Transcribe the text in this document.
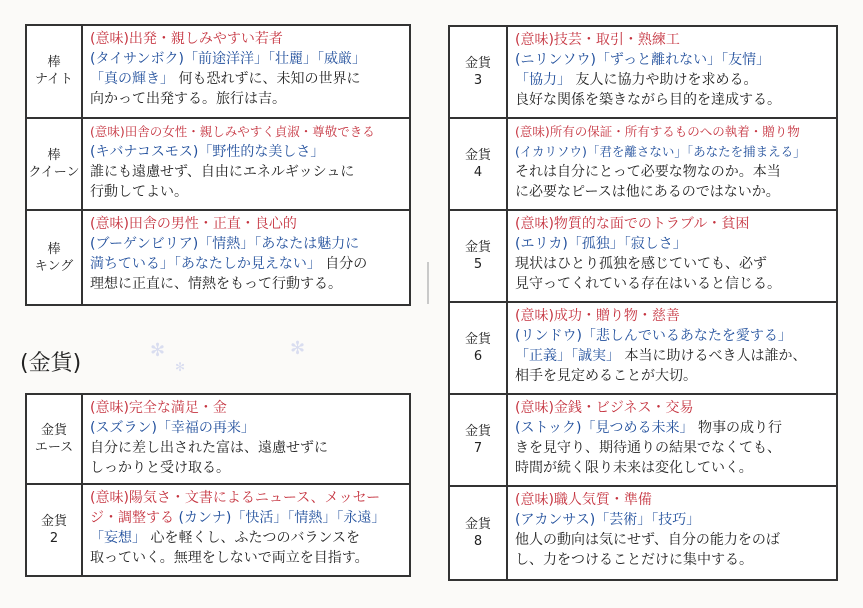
✻	✻
✻
棒
ナイト
(意味)出発・親しみやすい若者
(タイサンボク)「前途洋洋」「壮麗」「威厳」
「真の輝き」 何も恐れずに、未知の世界に
向かって出発する。旅行は吉。
棒
クイーン
(意味)田舎の女性・親しみやすく貞淑・尊敬できる
(キバナコスモス)「野性的な美しさ」
誰にも遠慮せず、自由にエネルギッシュに
行動してよい。
棒
キング
(意味)田舎の男性・正直・良心的
(ブーゲンビリア)「情熱」「あなたは魅力に
満ちている」「あなたしか見えない」 自分の
理想に正直に、情熱をもって行動する。
(金貨)
金貨
エース
(意味)完全な満足・金
(スズラン)「幸福の再来」
自分に差し出された富は、遠慮せずに
しっかりと受け取る。
金貨
2
(意味)陽気さ・文書によるニュース、メッセー
ジ・調整する (カンナ)「快活」「情熱」「永遠」
「妄想」 心を軽くし、ふたつのバランスを
取っていく。無理をしないで両立を目指す。
金貨
3
(意味)技芸・取引・熟練工
(ニリンソウ)「ずっと離れない」「友情」
「協力」 友人に協力や助けを求める。
良好な関係を築きながら目的を達成する。
金貨
4
(意味)所有の保証・所有するものへの執着・贈り物
(イカリソウ)「君を離さない」「あなたを捕まえる」
それは自分にとって必要な物なのか。本当
に必要なピースは他にあるのではないか。
金貨
5
(意味)物質的な面でのトラブル・貧困
(エリカ)「孤独」「寂しさ」
現状はひとり孤独を感じていても、必ず
見守ってくれている存在はいると信じる。
金貨
6
(意味)成功・贈り物・慈善
(リンドウ)「悲しんでいるあなたを愛する」
「正義」「誠実」 本当に助けるべき人は誰か、
相手を見定めることが大切。
金貨
7
(意味)金銭・ビジネス・交易
(ストック)「見つめる未来」 物事の成り行
きを見守り、期待通りの結果でなくても、
時間が続く限り未来は変化していく。
金貨
8
(意味)職人気質・準備
(アカンサス)「芸術」「技巧」
他人の動向は気にせず、自分の能力をのば
し、力をつけることだけに集中する。
